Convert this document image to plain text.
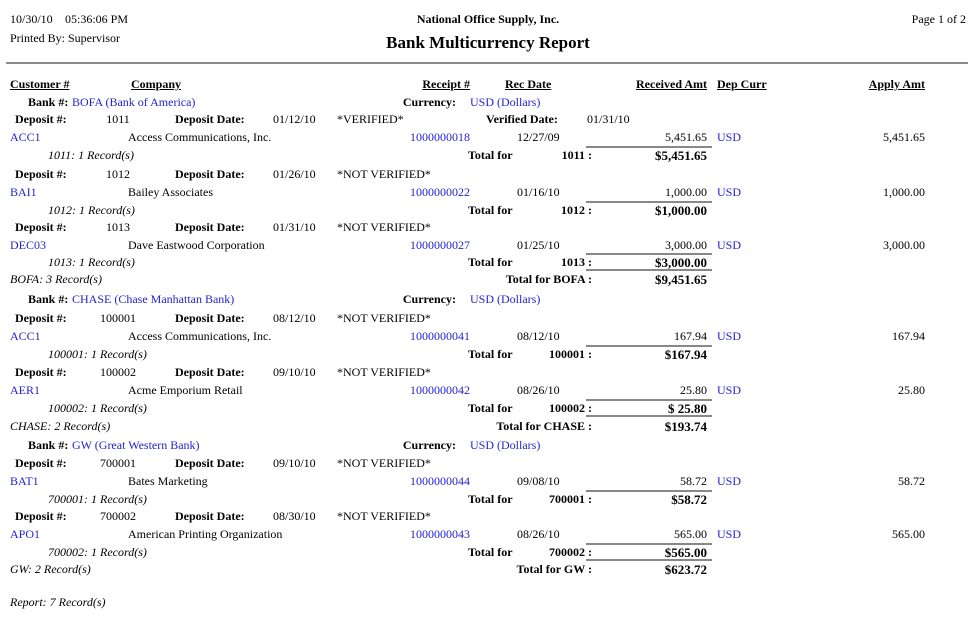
10/30/10 05:36:06 PM	National Office Supply, Inc.	Page 1 of 2
Printed By: Supervisor	Bank Multicurrency Report
Customer #	Company	Receipt #	Rec Date	Received Amt Dep Curr	Apply Amt
Bank #: BOFA (Bank of America)	Currency: USD (Dollars)
Deposit #:	1011	Deposit Date: 01/12/10 *VERIFIED*	Verified Date: 01/31/10
ACC1	Access Communications, Inc.	1000000018	12/27/09	5,451.65 USD	5,451.65
1011: 1 Record(s)	Total for	1011 :	$5,451.65
Deposit #:	1012	Deposit Date: 01/26/10 *NOT VERIFIED*
BAI1	Bailey Associates	1000000022	01/16/10	1,000.00 USD	1,000.00
1012: 1 Record(s)	Total for	1012 :	$1,000.00
Deposit #:	1013	Deposit Date: 01/31/10 *NOT VERIFIED*
DEC03	Dave Eastwood Corporation	1000000027	01/25/10	3,000.00 USD	3,000.00
1013: 1 Record(s)	Total for	1013 :	$3,000.00
BOFA: 3 Record(s)	Total for BOFA :	$9,451.65
Bank #: CHASE (Chase Manhattan Bank)	Currency: USD (Dollars)
Deposit #:	100001	Deposit Date: 08/12/10 *NOT VERIFIED*
ACC1	Access Communications, Inc.	1000000041	08/12/10	167.94 USD	167.94
100001: 1 Record(s)	Total for	100001 :	$167.94
Deposit #:	100002	Deposit Date: 09/10/10 *NOT VERIFIED*
AER1	Acme Emporium Retail	1000000042	08/26/10	25.80 USD	25.80
100002: 1 Record(s)	Total for	100002 :	$ 25.80
CHASE: 2 Record(s)	Total for CHASE :	$193.74
Bank #: GW (Great Western Bank)	Currency: USD (Dollars)
Deposit #:	700001	Deposit Date: 09/10/10 *NOT VERIFIED*
BAT1	Bates Marketing	1000000044	09/08/10	58.72 USD	58.72
700001: 1 Record(s)	Total for	700001 :	$58.72
Deposit #:	700002	Deposit Date: 08/30/10 *NOT VERIFIED*
APO1	American Printing Organization	1000000043	08/26/10	565.00 USD	565.00
700002: 1 Record(s)	Total for	700002 :	$565.00
GW: 2 Record(s)	Total for GW :	$623.72
Report: 7 Record(s)
